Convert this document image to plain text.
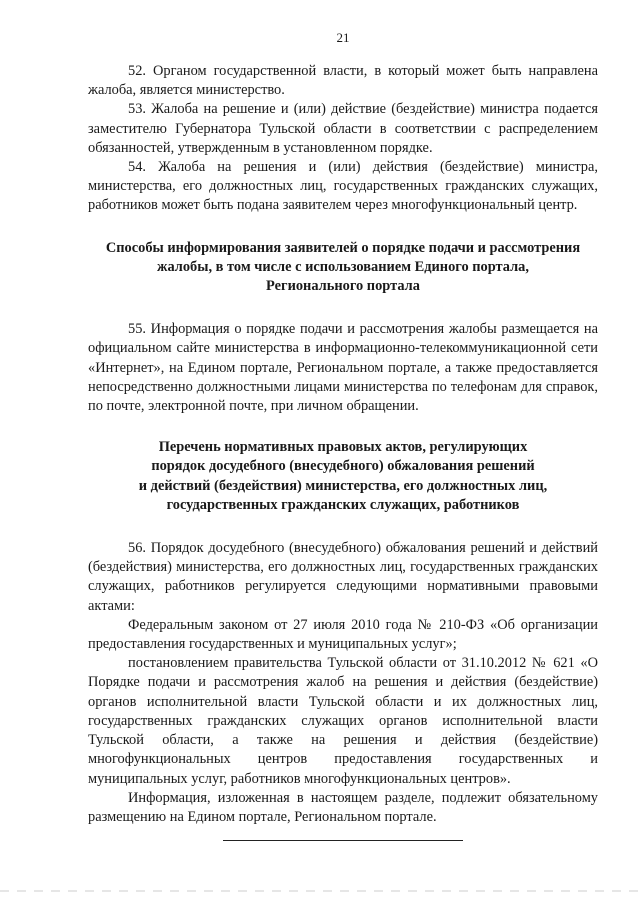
21

52. Органом государственной власти, в который может быть направлена жалоба, является министерство.

53. Жалоба на решение и (или) действие (бездействие) министра подается заместителю Губернатора Тульской области в соответствии с распределением обязанностей, утвержденным в установленном порядке.

54. Жалоба на решения и (или) действия (бездействие) министра, министерства, его должностных лиц, государственных гражданских служащих, работников может быть подана заявителем через многофункциональный центр.

Способы информирования заявителей о порядке подачи и рассмотрения
жалобы, в том числе с использованием Единого портала,
Регионального портала

55. Информация о порядке подачи и рассмотрения жалобы размещается на официальном сайте министерства в информационно-телекоммуникационной сети «Интернет», на Едином портале, Региональном портале, а также предоставляется непосредственно должностными лицами министерства по телефонам для справок, по почте, электронной почте, при личном обращении.

Перечень нормативных правовых актов, регулирующих
порядок досудебного (внесудебного) обжалования решений
и действий (бездействия) министерства, его должностных лиц,
государственных гражданских служащих, работников

56. Порядок досудебного (внесудебного) обжалования решений и действий (бездействия) министерства, его должностных лиц, государственных гражданских служащих, работников регулируется следующими нормативными правовыми актами:

Федеральным законом от 27 июля 2010 года № 210-ФЗ «Об организации предоставления государственных и муниципальных услуг»;

постановлением правительства Тульской области от 31.10.2012 № 621 «О Порядке подачи и рассмотрения жалоб на решения и действия (бездействие) органов исполнительной власти Тульской области и их должностных лиц, государственных гражданских служащих органов исполнительной власти Тульской области, а также на решения и действия (бездействие) многофункциональных центров предоставления государственных и муниципальных услуг, работников многофункциональных центров».

Информация, изложенная в настоящем разделе, подлежит обязательному размещению на Едином портале, Региональном портале.
